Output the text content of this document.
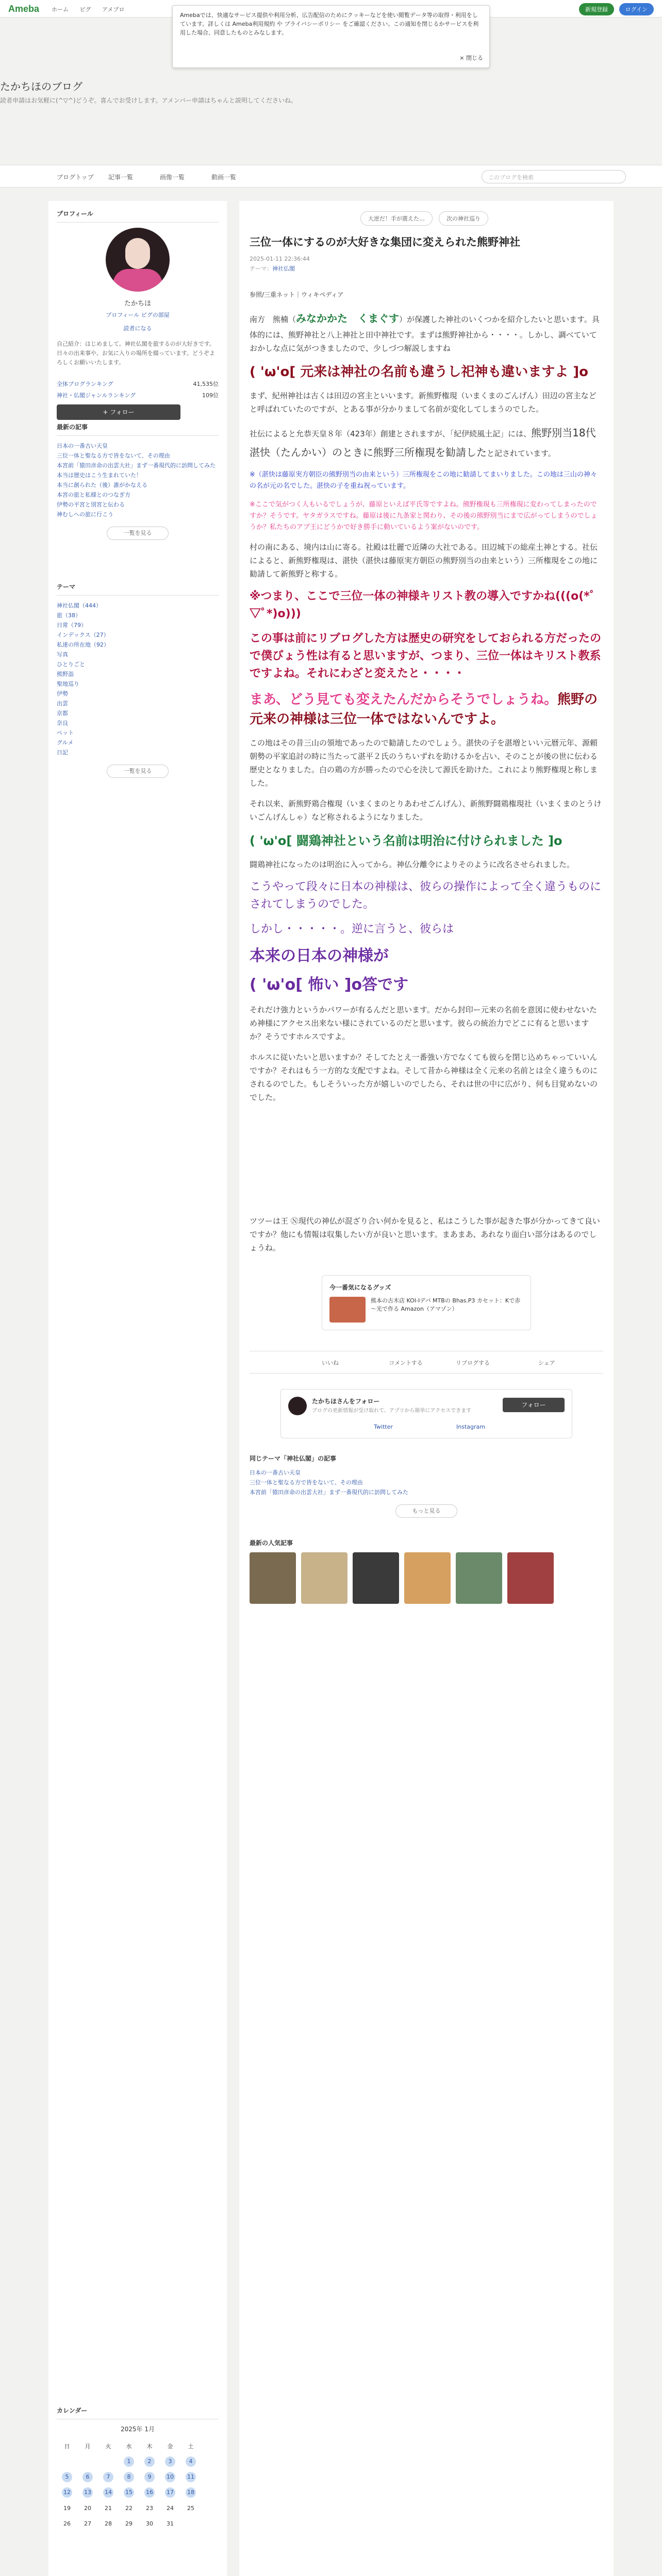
Ameba ホーム ピグ アメブロ	新規登録	ログイン
Amebaでは、快適なサービス提供や利用分析、広告配信のためにクッキーなどを使い閲覧データ等の取得・利用をしています。詳しくは Ameba利用規約 や プライバシーポリシー をご確認ください。この通知を閉じるかサービスを利用した場合、同意したものとみなします。
× 閉じる
たかちほのブログ
読者申請はお気軽に(^▽^)どうぞ。喜んでお受けします。アメンバー申請はちゃんと説明してくださいね。
ブログトップ 記事一覧	画像一覧	動画一覧	このブログを検索
プロフィール
たかちほ
プロフィール ピグの部屋
読者になる
自己紹介：はじめまして。神社仏閣を旅するのが大好きです。日々の出来事や、お気に入りの場所を綴っています。どうぞよろしくお願いいたします。
全体ブログランキング	41,535位
神社・仏閣ジャンルランキング	109位
+ フォロー
最新の記事
日本の一番古い天皇
三位一体と聖なる方で皆をないて、その理由
本宮前「猿田彦命の出雲大社」まず一番現代的に訪問してみた
本当は歴史はこう生まれていた！
本当に創られた（後）誰がかなえる
本宮の旅と私様とのつなぎ方
伊勢の平宮と別宮と伝わる
神むしへの旅に行こう
一覧を見る
テーマ
神社仏閣（444）
旅（38）
日常（79）
インデックス（27）
私達の所在地（92）
写真
ひとりごと
熊野詣
聖地巡り
伊勢
出雲
京都
奈良
ペット
グルメ
日記
一覧を見る
カレンダー
2025年 1月
日	月	火	水	木	金	土
			1	2	3	4
5	6	7	8	9	10	11
12	13	14	15	16	17	18
19	20	21	22	23	24	25
26	27	28	29	30	31	
大逆だ！手が震えた…	次の神社巡り
三位一体にするのが大好きな集団に変えられた熊野神社
2025-01-11 22:36:44
テーマ：神社仏閣

参照/三重ネット｜ウィキペディア

南方　熊楠（みなかかた　くまぐす）が保護した神社のいくつかを紹介したいと思います。具体的には、熊野神社と八上神社と田中神社です。まずは熊野神社から・・・・。しかし、調べていておかしな点に気がつきましたので、少しづつ解説しますね

( 'ω'o[ 元来は神社の名前も違うし祀神も違いますよ ]o

まず、紀州神社は古くは田辺の宮主といいます。新熊野権現（いまくまのごんげん）田辺の宮主などと呼ばれていたのですが、とある事が分かりまして名前が変化してしまうのでした。

社伝によると允恭天皇８年（423年）創建とされますが、「紀伊続風土記」には、熊野別当18代 湛快（たんかい）のときに熊野三所権現を勧請したと記されています。

※（湛快は藤原実方朝臣の熊野別当の由来という）三所権現をこの地に勧請してまいりました。この地は三山の神々の名が元の名でした。湛快の子を重ね祝っています。

※ここで気がつく人もいるでしょうが、藤原といえば平氏等ですよね。熊野権現も三所権現に変わってしまったのですか？そうです。ヤタガラスですね。藤原は後に九条家と関わり、その後の熊野別当にまで広がってしまうのでしょうか？私たちのアブ王にどうかで好き勝手に動いているよう案がないのです。

村の南にある、境内は山に寄る。社殿は壮麗で近隣の大社である。田辺城下の総産土神とする。社伝によると、新熊野権現は、湛快（湛快は藤原実方朝臣の熊野別当の由来という）三所権現をこの地に勧請して新熊野と称する。

※つまり、ここで三位一体の神様キリスト教の導入ですかね(((o(*ﾟ▽ﾟ*)o)))

この事は前にリブログした方は歴史の研究をしておられる方だったので僕びょう性は有ると思いますが、つまり、三位一体はキリスト教系ですよね。それにわざと変えたと・・・・

まあ、どう見ても変えたんだからそうでしょうね。熊野の元来の神様は三位一体ではないんですよ。

この地はその昔三山の領地であったので勧請したのでしょう。湛快の子を湛増といい元暦元年、源頼朝勢の平家追討の時に当たって湛平２氏のうちいずれを助けるかを占い、そのことが後の世に伝わる歴史となりました。白の鶏の方が勝ったので心を決して源氏を助けた。これにより熊野権現と称しました。

それ以来、新熊野鶏合権現（いまくまのとりあわせごんげん）、新熊野闘鶏権現社（いまくまのとうけいごんげんしゃ）など称されるようになりました。

( 'ω'o[ 闘鶏神社という名前は明治に付けられました ]o

闘鶏神社になったのは明治に入ってから。神仏分離令によりそのように改名させられました。

こうやって段々に日本の神様は、彼らの操作によって全く違うものにされてしまうのでした。

しかし・・・・・。逆に言うと、彼らは

本来の日本の神様が

( 'ω'o[ 怖い ]o答です

それだけ強力というかパワーが有るんだと思います。だから封印ー元来の名前を意図に使わせないため神様にアクセス出来ない様にされているのだと思います。彼らの統治力でどこに有ると思いますか？そうですホルスですよ。

ホルスに従いたいと思いますか？そしてたとえ一番強い方でなくても彼らを閉じ込めちゃっていいんですか？それはもう一方的な支配ですよね。そして昔から神様は全く元来の名前とは全く違うものにされるのでした。もしそういった方が嬉しいのでしたら、それは世の中に広がり、何も目覚めないのでした。

ツツーは王 Ⓝ現代の神仏が混ざり合い何かを見ると、私はこうした事が起きた事が分かってきて良いですか？他にも情報は収集したい方が良いと思います。まあまあ、あれなり面白い部分はあるのでしょうね。

今一番気になるグッズ
熊本の古木店 KOI-Iデパ MTBの Bhas.P3 カセット：Kで赤～光で作る Amazon（アマゾン）
いいね	コメントする	リブログする	シェア
たかちほさんをフォロー
ブログの更新情報が受け取れて、アプリから簡単にアクセスできます
フォロー
Twitter	Instagram
同じテーマ「神社仏閣」の記事
日本の一番古い天皇
三位一体と聖なる方で皆をないて、その理由
本宮前「猿田彦命の出雲大社」まず一番現代的に訪問してみた
もっと見る
最新の人気記事
